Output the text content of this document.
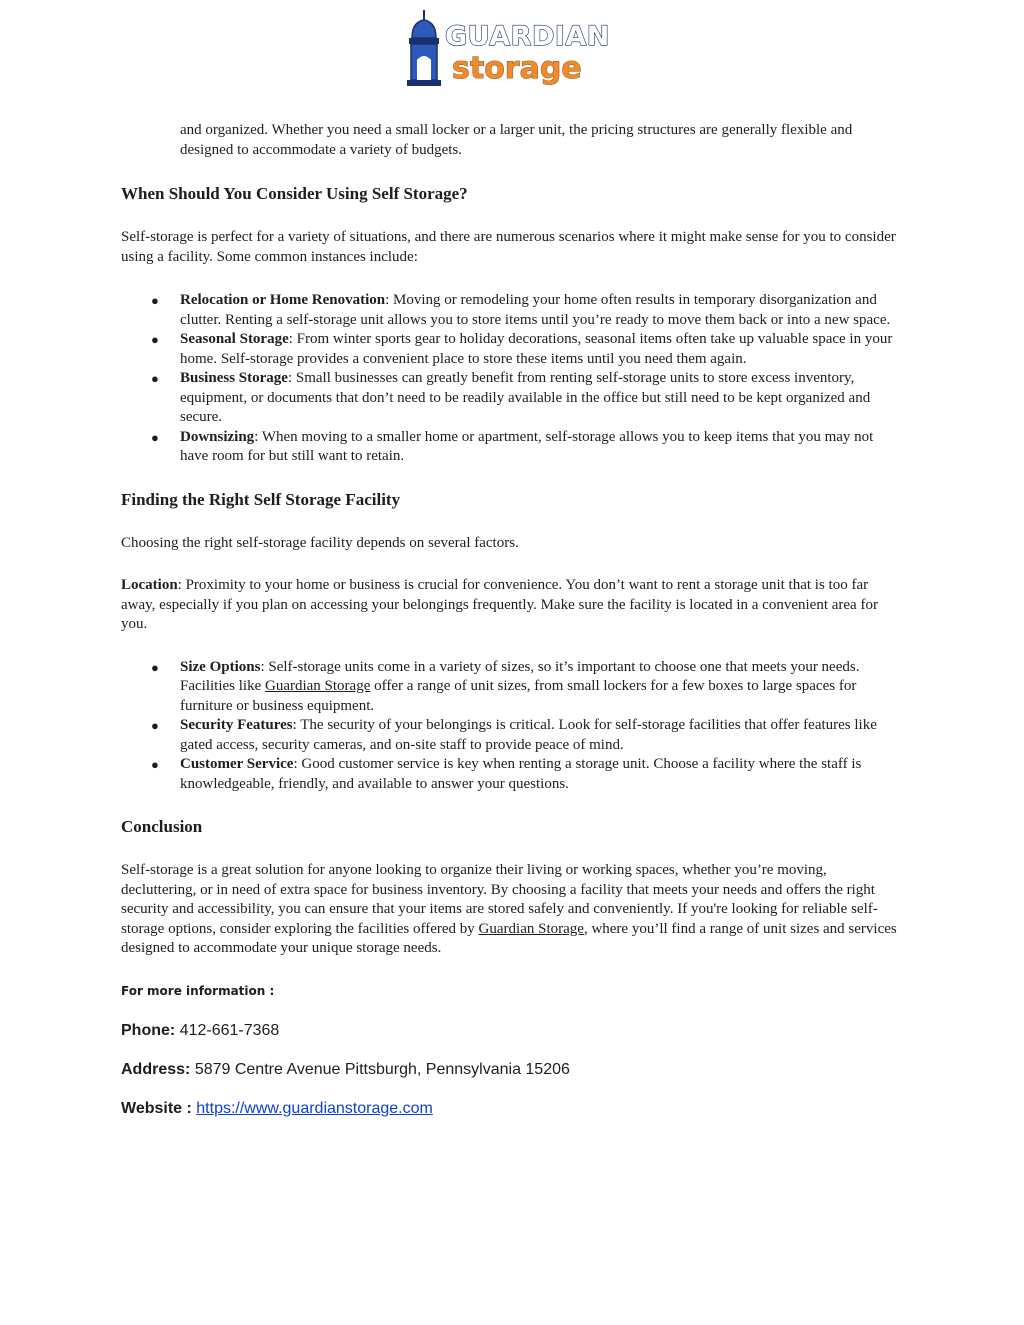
GUARDIAN
storage

and organized. Whether you need a small locker or a larger unit, the pricing structures are generally flexible and designed to accommodate a variety of budgets.

When Should You Consider Using Self Storage?

Self-storage is perfect for a variety of situations, and there are numerous scenarios where it might make sense for you to consider using a facility. Some common instances include:

● Relocation or Home Renovation: Moving or remodeling your home often results in temporary disorganization and clutter. Renting a self-storage unit allows you to store items until you’re ready to move them back or into a new space.
● Seasonal Storage: From winter sports gear to holiday decorations, seasonal items often take up valuable space in your home. Self-storage provides a convenient place to store these items until you need them again.
● Business Storage: Small businesses can greatly benefit from renting self-storage units to store excess inventory, equipment, or documents that don’t need to be readily available in the office but still need to be kept organized and secure.
● Downsizing: When moving to a smaller home or apartment, self-storage allows you to keep items that you may not have room for but still want to retain.
Finding the Right Self Storage Facility

Choosing the right self-storage facility depends on several factors.

Location: Proximity to your home or business is crucial for convenience. You don’t want to rent a storage unit that is too far away, especially if you plan on accessing your belongings frequently. Make sure the facility is located in a convenient area for you.

● Size Options: Self-storage units come in a variety of sizes, so it’s important to choose one that meets your needs. Facilities like Guardian Storage offer a range of unit sizes, from small lockers for a few boxes to large spaces for furniture or business equipment.
● Security Features: The security of your belongings is critical. Look for self-storage facilities that offer features like gated access, security cameras, and on-site staff to provide peace of mind.
● Customer Service: Good customer service is key when renting a storage unit. Choose a facility where the staff is knowledgeable, friendly, and available to answer your questions.
Conclusion

Self-storage is a great solution for anyone looking to organize their living or working spaces, whether you’re moving, decluttering, or in need of extra space for business inventory. By choosing a facility that meets your needs and offers the right security and accessibility, you can ensure that your items are stored safely and conveniently. If you're looking for reliable self-storage options, consider exploring the facilities offered by Guardian Storage, where you’ll find a range of unit sizes and services designed to accommodate your unique storage needs.

For more information :

Phone: 412-661-7368

Address: 5879 Centre Avenue Pittsburgh, Pennsylvania 15206

Website : https://www.guardianstorage.com
